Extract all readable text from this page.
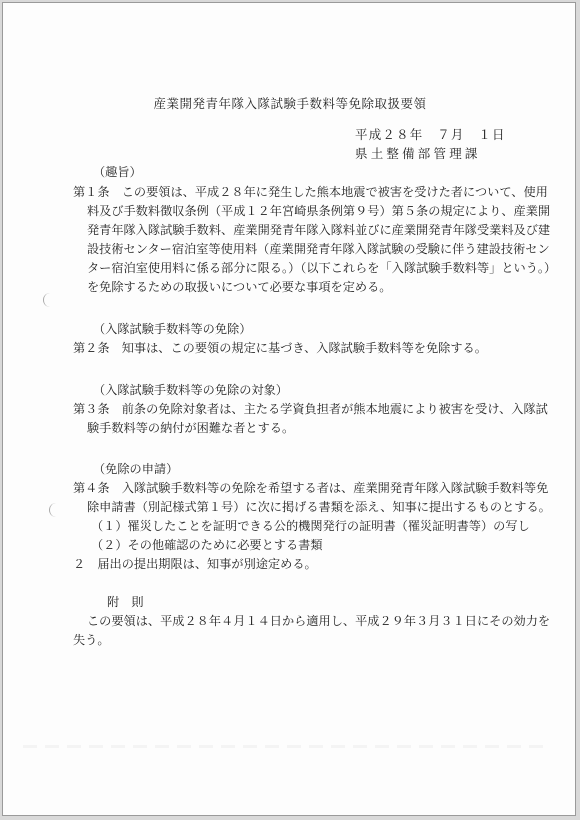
産業開発青年隊入隊試験手数料等免除取扱要領
平成２８年　７月　１日
県土整備部管理課
（趣旨）
第１条　この要領は、平成２８年に発生した熊本地震で被害を受けた者について、使用
料及び手数料徴収条例（平成１２年宮崎県条例第９号）第５条の規定により、産業開
発青年隊入隊試験手数料、産業開発青年隊入隊料並びに産業開発青年隊受業料及び建
設技術センター宿泊室等使用料（産業開発青年隊入隊試験の受験に伴う建設技術セン
ター宿泊室使用料に係る部分に限る。）（以下これらを「入隊試験手数料等」という。）
を免除するための取扱いについて必要な事項を定める。
（入隊試験手数料等の免除）
第２条　知事は、この要領の規定に基づき、入隊試験手数料等を免除する。
（入隊試験手数料等の免除の対象）
第３条　前条の免除対象者は、主たる学資負担者が熊本地震により被害を受け、入隊試
験手数料等の納付が困難な者とする。
（免除の申請）
第４条　入隊試験手数料等の免除を希望する者は、産業開発青年隊入隊試験手数料等免
除申請書（別記様式第１号）に次に掲げる書類を添え、知事に提出するものとする。
（１）罹災したことを証明できる公的機関発行の証明書（罹災証明書等）の写し
（２）その他確認のために必要とする書類
２　届出の提出期限は、知事が別途定める。
附　則
この要領は、平成２８年４月１４日から適用し、平成２９年３月３１日にその効力を
失う。
